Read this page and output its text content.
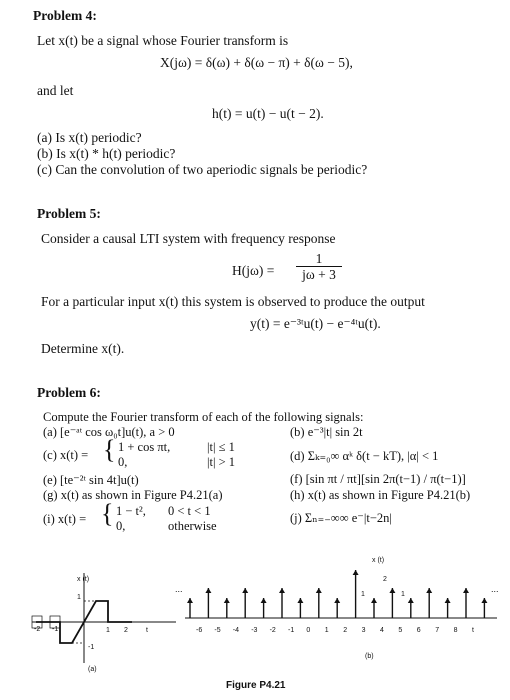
Problem 4:
Let x(t) be a signal whose Fourier transform is
X(jω) = δ(ω) + δ(ω − π) + δ(ω − 5),
and let
h(t) = u(t) − u(t − 2).
(a) Is x(t) periodic?
(b) Is x(t) * h(t) periodic?
(c) Can the convolution of two aperiodic signals be periodic?
Problem 5:
Consider a causal LTI system with frequency response
H(jω) =
1
jω + 3
For a particular input x(t) this system is observed to produce the output
y(t) = e⁻³ᵗu(t) − e⁻⁴ᵗu(t).
Determine x(t).
Problem 6:
Compute the Fourier transform of each of the following signals:
(a) [e⁻ᵃᵗ cos ω₀t]u(t), a > 0	(b) e⁻³|t| sin 2t
(c) x(t) = { 1 + cos πt,	|t| ≤ 1
0,	|t| > 1	(d) Σₖ₌₀∞ αᵏ δ(t − kT), |α| < 1
(e) [te⁻²ᵗ sin 4t]u(t)	(f) [sin πt / πt][sin 2π(t−1) / π(t−1)]
(g) x(t) as shown in Figure P4.21(a)	(h) x(t) as shown in Figure P4.21(b)
(i) x(t) = { 1 − t², 0 < t < 1
0,	otherwise
(j) Σₙ₌₋∞∞ e⁻|t−2n|
x (t)
-2 -1	1 2	t
1
-1
(a)
x (t)
...	...
-6 -5 -4 -3 -2 -1 0 1 2 3 4 5 6 7 8 t
2
1
1
(b)
Figure P4.21
